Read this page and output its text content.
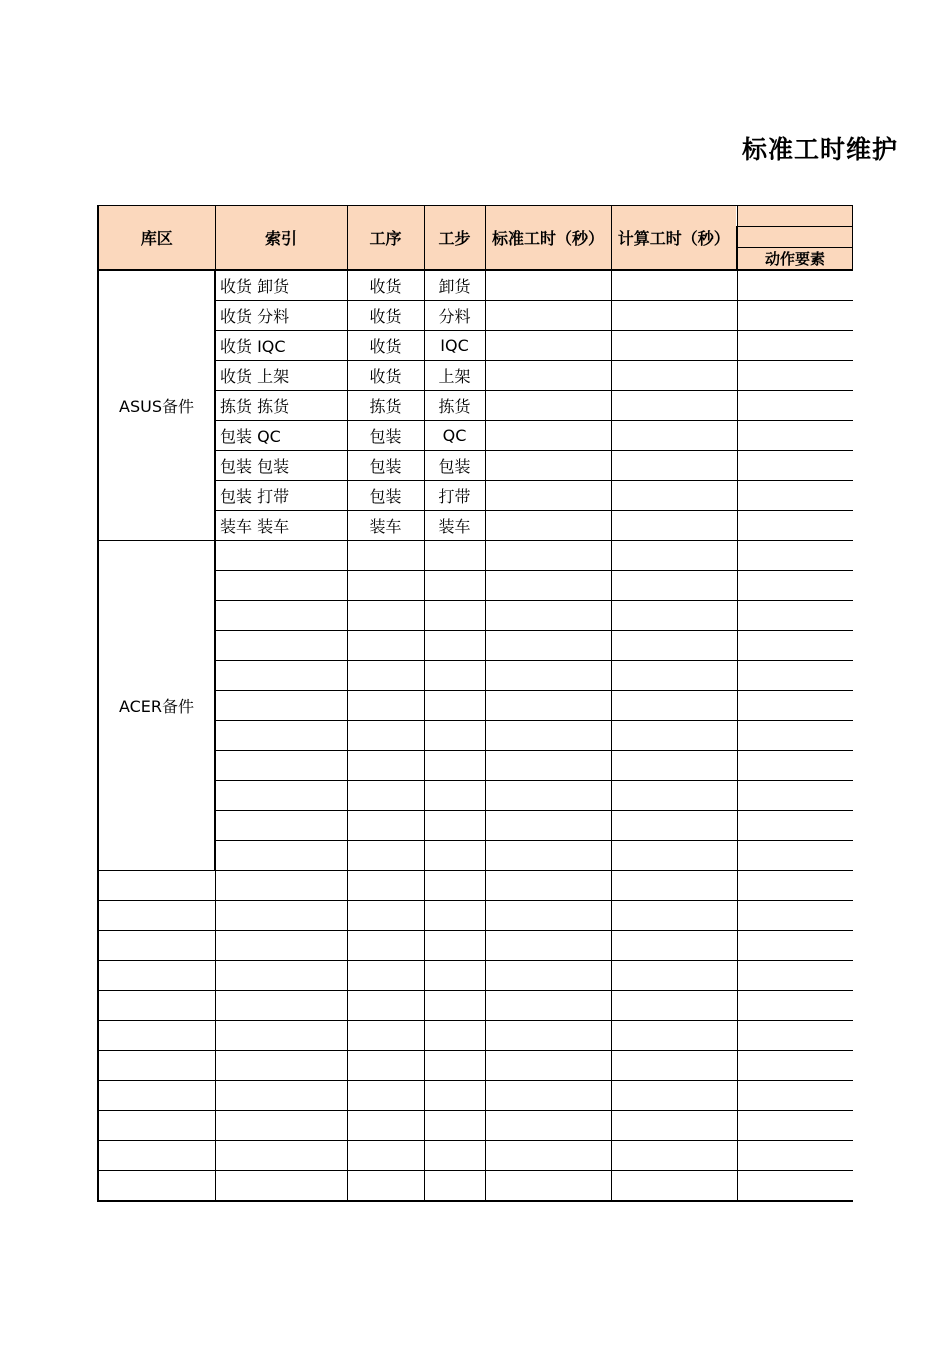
标准工时维护
库区	索引	工序	工步	标准工时（秒）	计算工时（秒）	

						动作要素
ASUS备件	收货 卸货	收货	卸货			
	收货 分料	收货	分料			
	收货 IQC	收货	IQC			
	收货 上架	收货	上架			
	拣货 拣货	拣货	拣货			
	包装 QC	包装	QC			
	包装 包装	包装	包装			
	包装 打带	包装	打带			
	装车 装车	装车	装车			
ACER备件						
